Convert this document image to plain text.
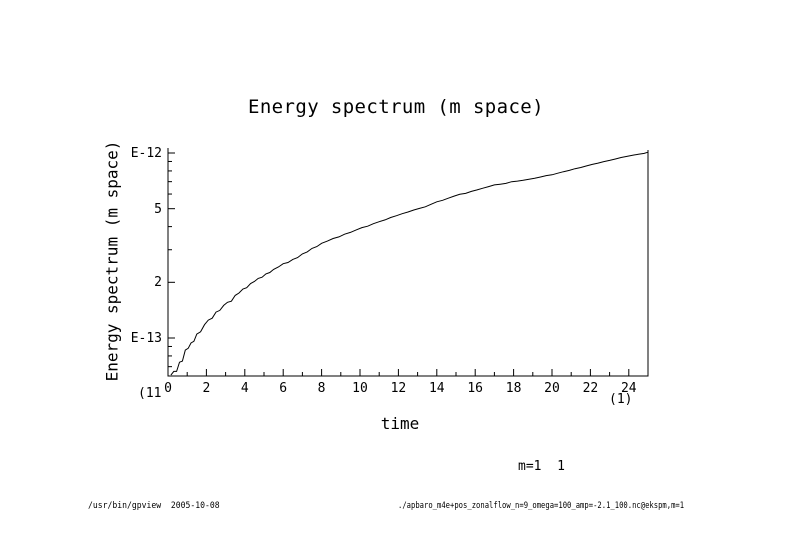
Energy spectrum (m space)
Energy spectrum (m space)
time
(11	(1)
m=1  1
/usr/bin/gpview  2005-10-08	./apbaro_m4e+pos_zonalflow_n=9_omega=100_amp=-2.1_100.nc@ekspm,m=1
0	2	4	6	8	10	12	14	16	18	20	22	24
E-12
5
2
E-13
